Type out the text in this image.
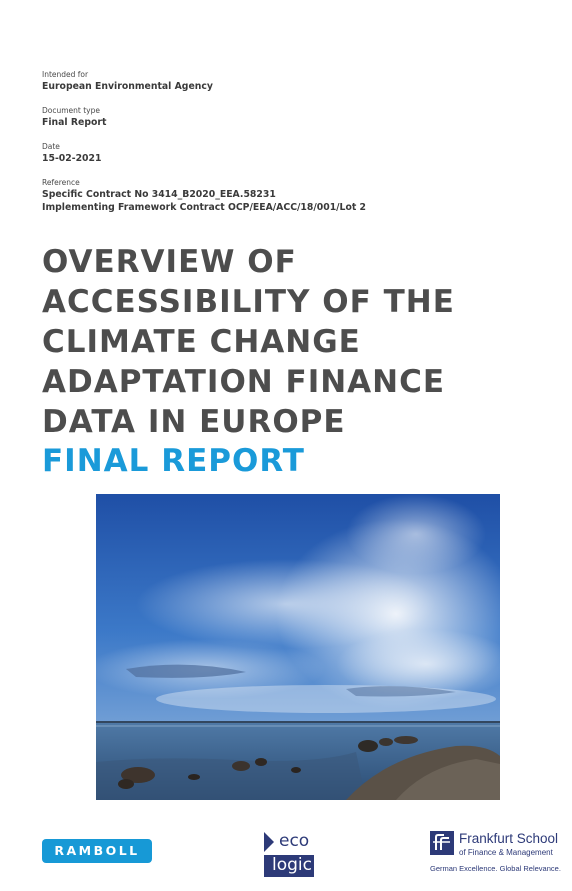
Intended for
European Environmental Agency
Document type
Final Report
Date
15-02-2021
Reference
Specific Contract No 3414_B2020_EEA.58231
Implementing Framework Contract OCP/EEA/ACC/18/001/Lot 2
OVERVIEW OF
ACCESSIBILITY OF THE
CLIMATE CHANGE
ADAPTATION FINANCE
DATA IN EUROPE
FINAL REPORT
RAMBOLL	eco
logic
Frankfurt School
of Finance & Management
German Excellence. Global Relevance.
